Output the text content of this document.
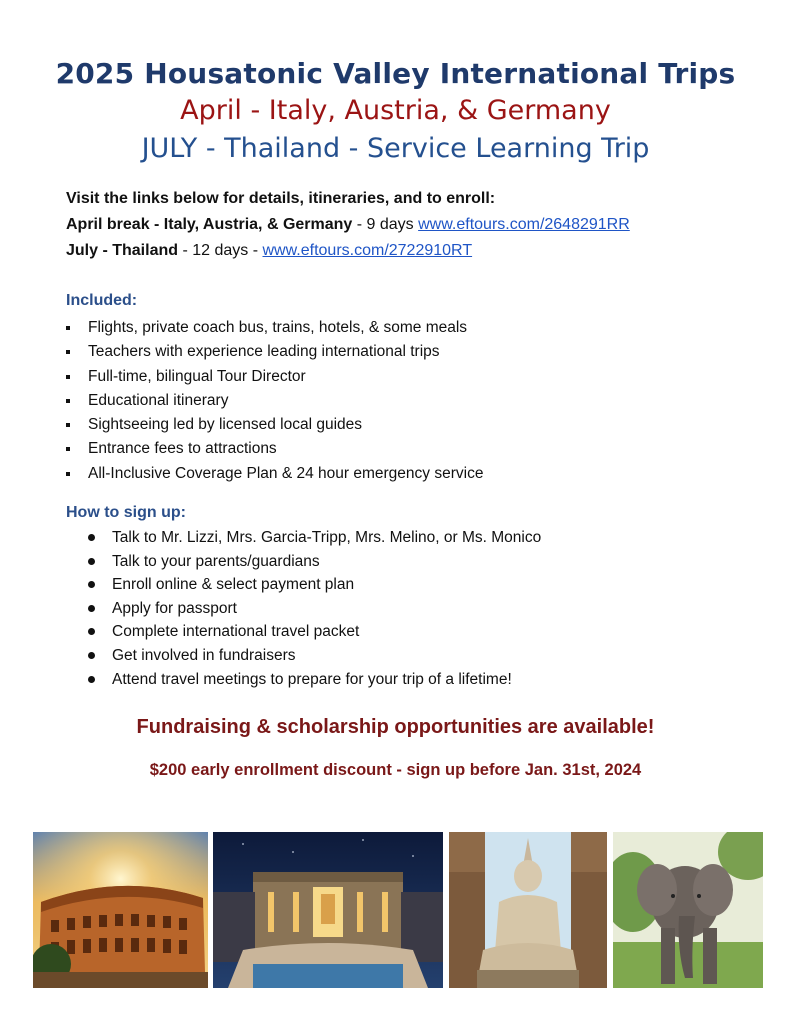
2025 Housatonic Valley International Trips
April - Italy, Austria, & Germany
JULY - Thailand - Service Learning Trip
Visit the links below for details, itineraries, and to enroll:
April break - Italy, Austria, & Germany - 9 days www.eftours.com/2648291RR
July - Thailand - 12 days - www.eftours.com/2722910RT
Included:
Flights, private coach bus, trains, hotels, & some meals
Teachers with experience leading international trips
Full-time, bilingual Tour Director
Educational itinerary
Sightseeing led by licensed local guides
Entrance fees to attractions
All-Inclusive Coverage Plan & 24 hour emergency service
How to sign up:
Talk to Mr. Lizzi, Mrs. Garcia-Tripp, Mrs. Melino, or Ms. Monico
Talk to your parents/guardians
Enroll online & select payment plan
Apply for passport
Complete international travel packet
Get involved in fundraisers
Attend travel meetings to prepare for your trip of a lifetime!
Fundraising & scholarship opportunities are available!
$200 early enrollment discount - sign up before Jan. 31st, 2024
